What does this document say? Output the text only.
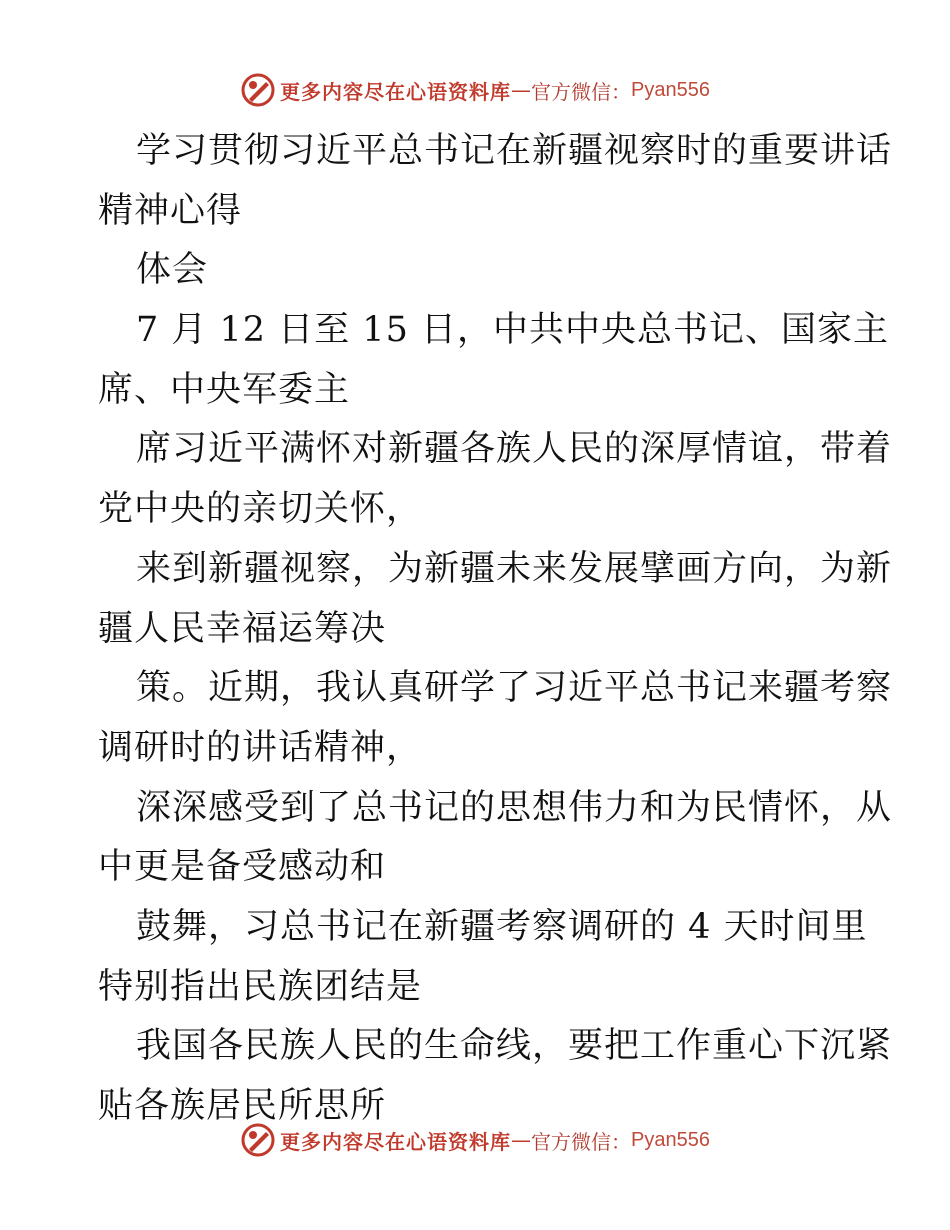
更多内容尽在心语资料库 — 官方微信： Pyan556
学习贯彻习近平总书记在新疆视察时的重要讲话
精神心得
体会
7 月 12 日至 15 日，中共中央总书记、国家主
席、中央军委主
席习近平满怀对新疆各族人民的深厚情谊，带着
党中央的亲切关怀，
来到新疆视察，为新疆未来发展擘画方向，为新
疆人民幸福运筹决
策。近期，我认真研学了习近平总书记来疆考察
调研时的讲话精神，
深深感受到了总书记的思想伟力和为民情怀，从
中更是备受感动和
鼓舞，习总书记在新疆考察调研的 4 天时间里
特别指出民族团结是
我国各民族人民的生命线，要把工作重心下沉紧
贴各族居民所思所
更多内容尽在心语资料库 — 官方微信： Pyan556
